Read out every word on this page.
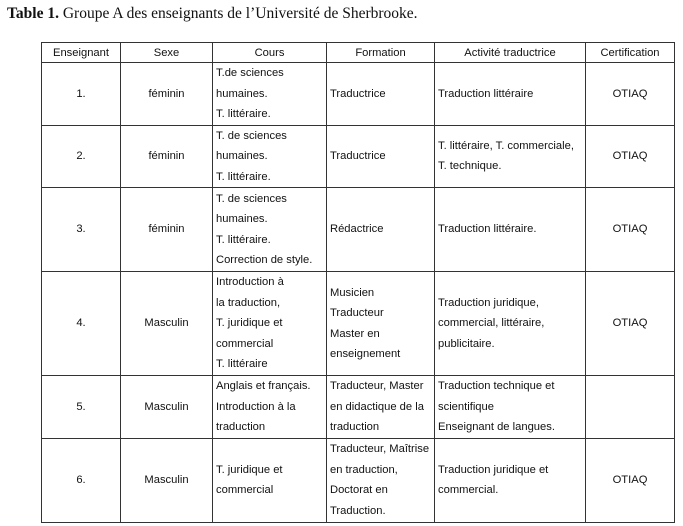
Table 1. Groupe A des enseignants de l’Université de Sherbrooke.
Enseignant	Sexe	Cours	Formation	Activité traductrice	Certification
1.	féminin	T.de sciences
humaines.
T. littéraire.	Traductrice	Traduction littéraire	OTIAQ
2.	féminin	T. de sciences
humaines.
T. littéraire.	Traductrice	T. littéraire, T. commerciale,
T. technique.	OTIAQ
3.	féminin	T. de sciences
humaines.
T. littéraire.
Correction de style.	Rédactrice	Traduction littéraire.	OTIAQ
4.	Masculin	Introduction à
la traduction,
T. juridique et
commercial
T. littéraire	Musicien
Traducteur
Master en
enseignement	Traduction juridique,
commercial, littéraire,
publicitaire.	OTIAQ
5.	Masculin	Anglais et français.
Introduction à la
traduction	Traducteur, Master
en didactique de la
traduction	Traduction technique et
scientifique
Enseignant de langues.	

6.	Masculin	T. juridique et
commercial	Traducteur, Maîtrise
en traduction,
Doctorat en
Traduction.	Traduction juridique et
commercial.	OTIAQ
